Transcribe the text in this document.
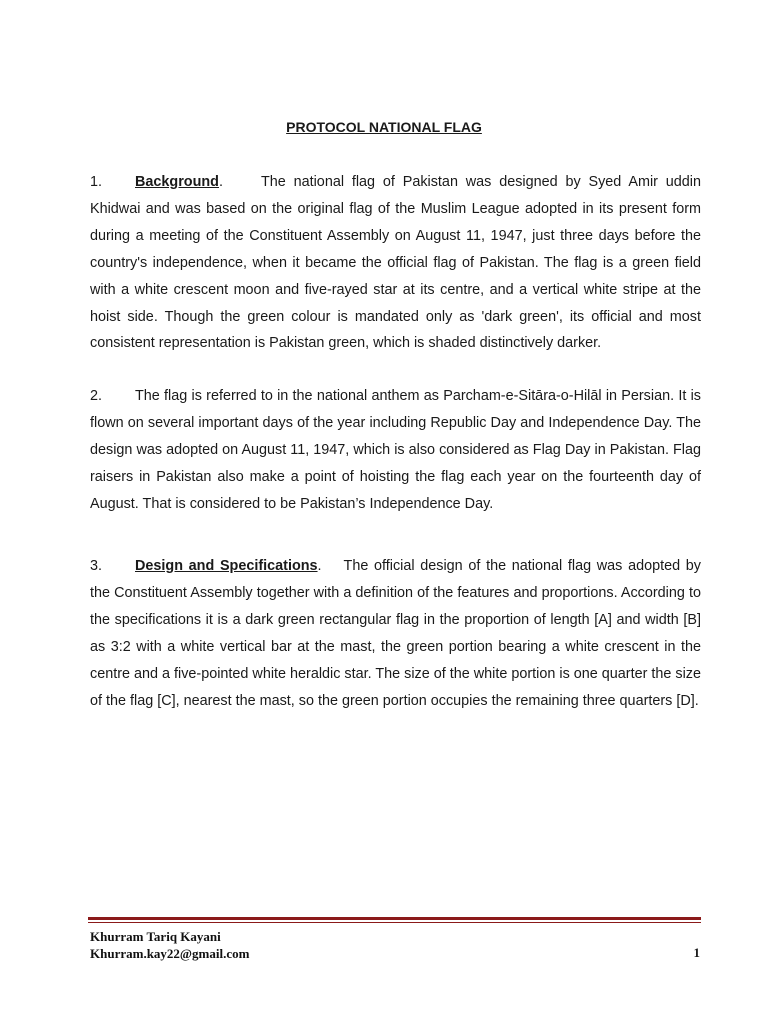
PROTOCOL NATIONAL FLAG
1. Background.	The national flag of Pakistan was designed by Syed Amir uddin Khidwai and was based on the original flag of the Muslim League adopted in its present form during a meeting of the Constituent Assembly on August 11, 1947, just three days before the country's independence, when it became the official flag of Pakistan. The flag is a green field with a white crescent moon and five-rayed star at its centre, and a vertical white stripe at the hoist side. Though the green colour is mandated only as 'dark green', its official and most consistent representation is Pakistan green, which is shaded distinctively darker.
2. The flag is referred to in the national anthem as Parcham-e-Sitāra-o-Hilāl in Persian. It is flown on several important days of the year including Republic Day and Independence Day. The design was adopted on August 11, 1947, which is also considered as Flag Day in Pakistan. Flag raisers in Pakistan also make a point of hoisting the flag each year on the fourteenth day of August. That is considered to be Pakistan’s Independence Day.
3. Design and Specifications. The official design of the national flag was adopted by the Constituent Assembly together with a definition of the features and proportions. According to the specifications it is a dark green rectangular flag in the proportion of length [A] and width [B] as 3:2 with a white vertical bar at the mast, the green portion bearing a white crescent in the centre and a five-pointed white heraldic star. The size of the white portion is one quarter the size of the flag [C], nearest the mast, so the green portion occupies the remaining three quarters [D].
Khurram Tariq Kayani
Khurram.kay22@gmail.com	1
